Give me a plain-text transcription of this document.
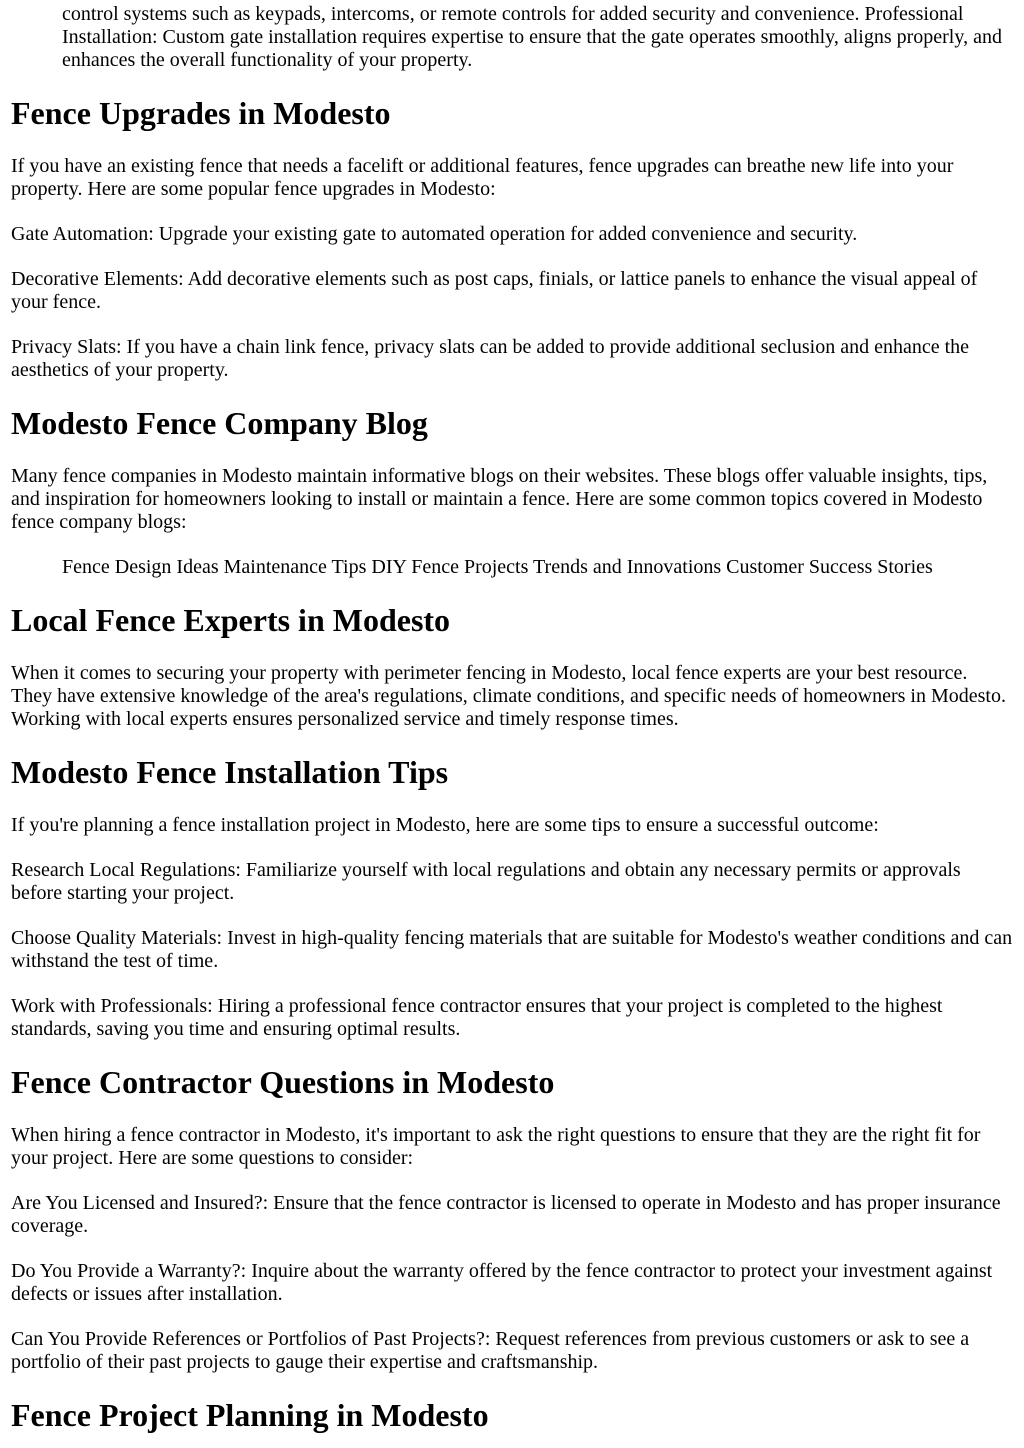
control systems such as keypads, intercoms, or remote controls for added security and convenience. Professional Installation: Custom gate installation requires expertise to ensure that the gate operates smoothly, aligns properly, and enhances the overall functionality of your property.

Fence Upgrades in Modesto

If you have an existing fence that needs a facelift or additional features, fence upgrades can breathe new life into your property. Here are some popular fence upgrades in Modesto:

Gate Automation: Upgrade your existing gate to automated operation for added convenience and security.

Decorative Elements: Add decorative elements such as post caps, finials, or lattice panels to enhance the visual appeal of your fence.

Privacy Slats: If you have a chain link fence, privacy slats can be added to provide additional seclusion and enhance the aesthetics of your property.

Modesto Fence Company Blog

Many fence companies in Modesto maintain informative blogs on their websites. These blogs offer valuable insights, tips, and inspiration for homeowners looking to install or maintain a fence. Here are some common topics covered in Modesto fence company blogs:

Fence Design Ideas Maintenance Tips DIY Fence Projects Trends and Innovations Customer Success Stories

Local Fence Experts in Modesto

When it comes to securing your property with perimeter fencing in Modesto, local fence experts are your best resource. They have extensive knowledge of the area's regulations, climate conditions, and specific needs of homeowners in Modesto. Working with local experts ensures personalized service and timely response times.

Modesto Fence Installation Tips

If you're planning a fence installation project in Modesto, here are some tips to ensure a successful outcome:

Research Local Regulations: Familiarize yourself with local regulations and obtain any necessary permits or approvals before starting your project.

Choose Quality Materials: Invest in high-quality fencing materials that are suitable for Modesto's weather conditions and can withstand the test of time.

Work with Professionals: Hiring a professional fence contractor ensures that your project is completed to the highest standards, saving you time and ensuring optimal results.

Fence Contractor Questions in Modesto

When hiring a fence contractor in Modesto, it's important to ask the right questions to ensure that they are the right fit for your project. Here are some questions to consider:

Are You Licensed and Insured?: Ensure that the fence contractor is licensed to operate in Modesto and has proper insurance coverage.

Do You Provide a Warranty?: Inquire about the warranty offered by the fence contractor to protect your investment against defects or issues after installation.

Can You Provide References or Portfolios of Past Projects?: Request references from previous customers or ask to see a portfolio of their past projects to gauge their expertise and craftsmanship.

Fence Project Planning in Modesto
